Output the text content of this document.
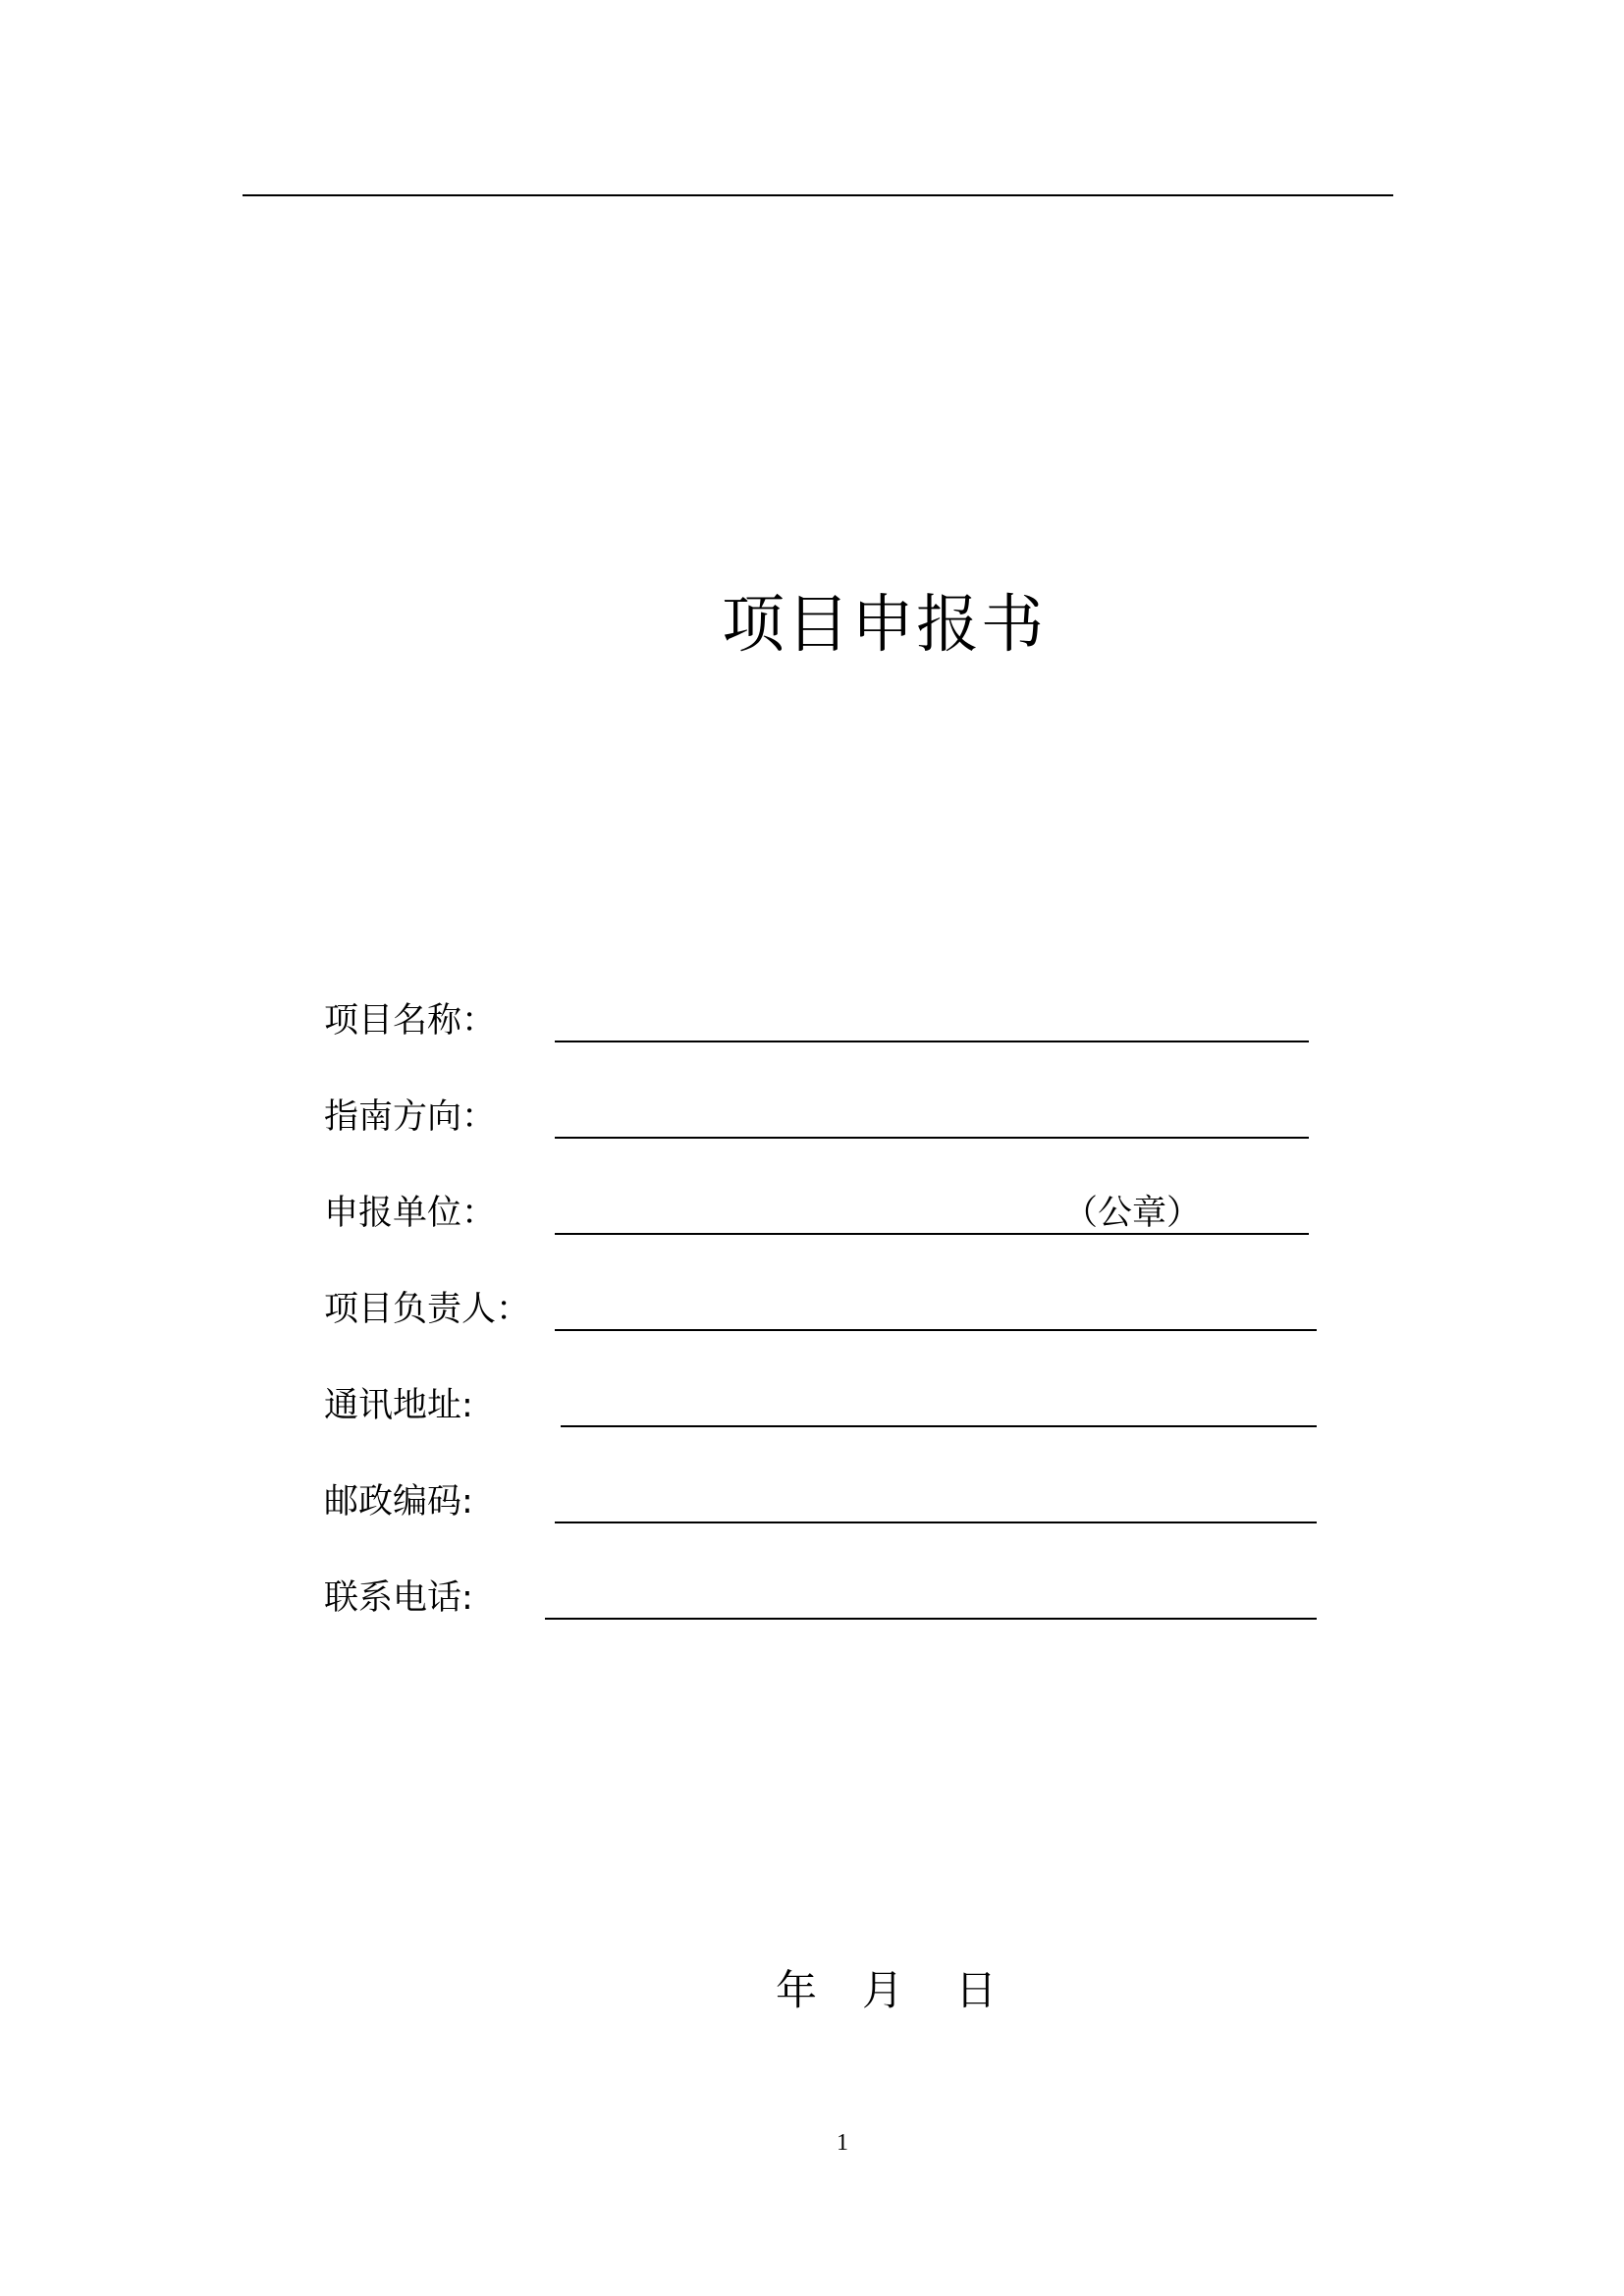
项目申报书
项目名称：
指南方向：
申报单位：	（公章）
项目负责人：
通讯地址:
邮政编码:
联系电话:
年 月 日
1
